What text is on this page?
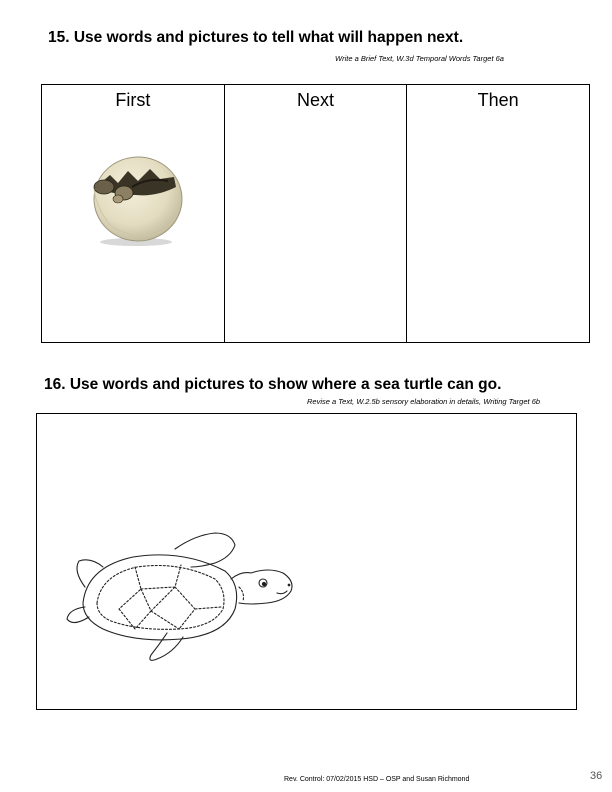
15. Use words and pictures to tell what will happen next.
Write a Brief Text, W.3d Temporal Words Target 6a
First	Next	Then
16. Use words and pictures to show where a sea turtle can go.
Revise a Text, W.2.5b sensory elaboration in details, Writing Target 6b
Rev. Control: 07/02/2015 HSD – OSP and Susan Richmond	36
